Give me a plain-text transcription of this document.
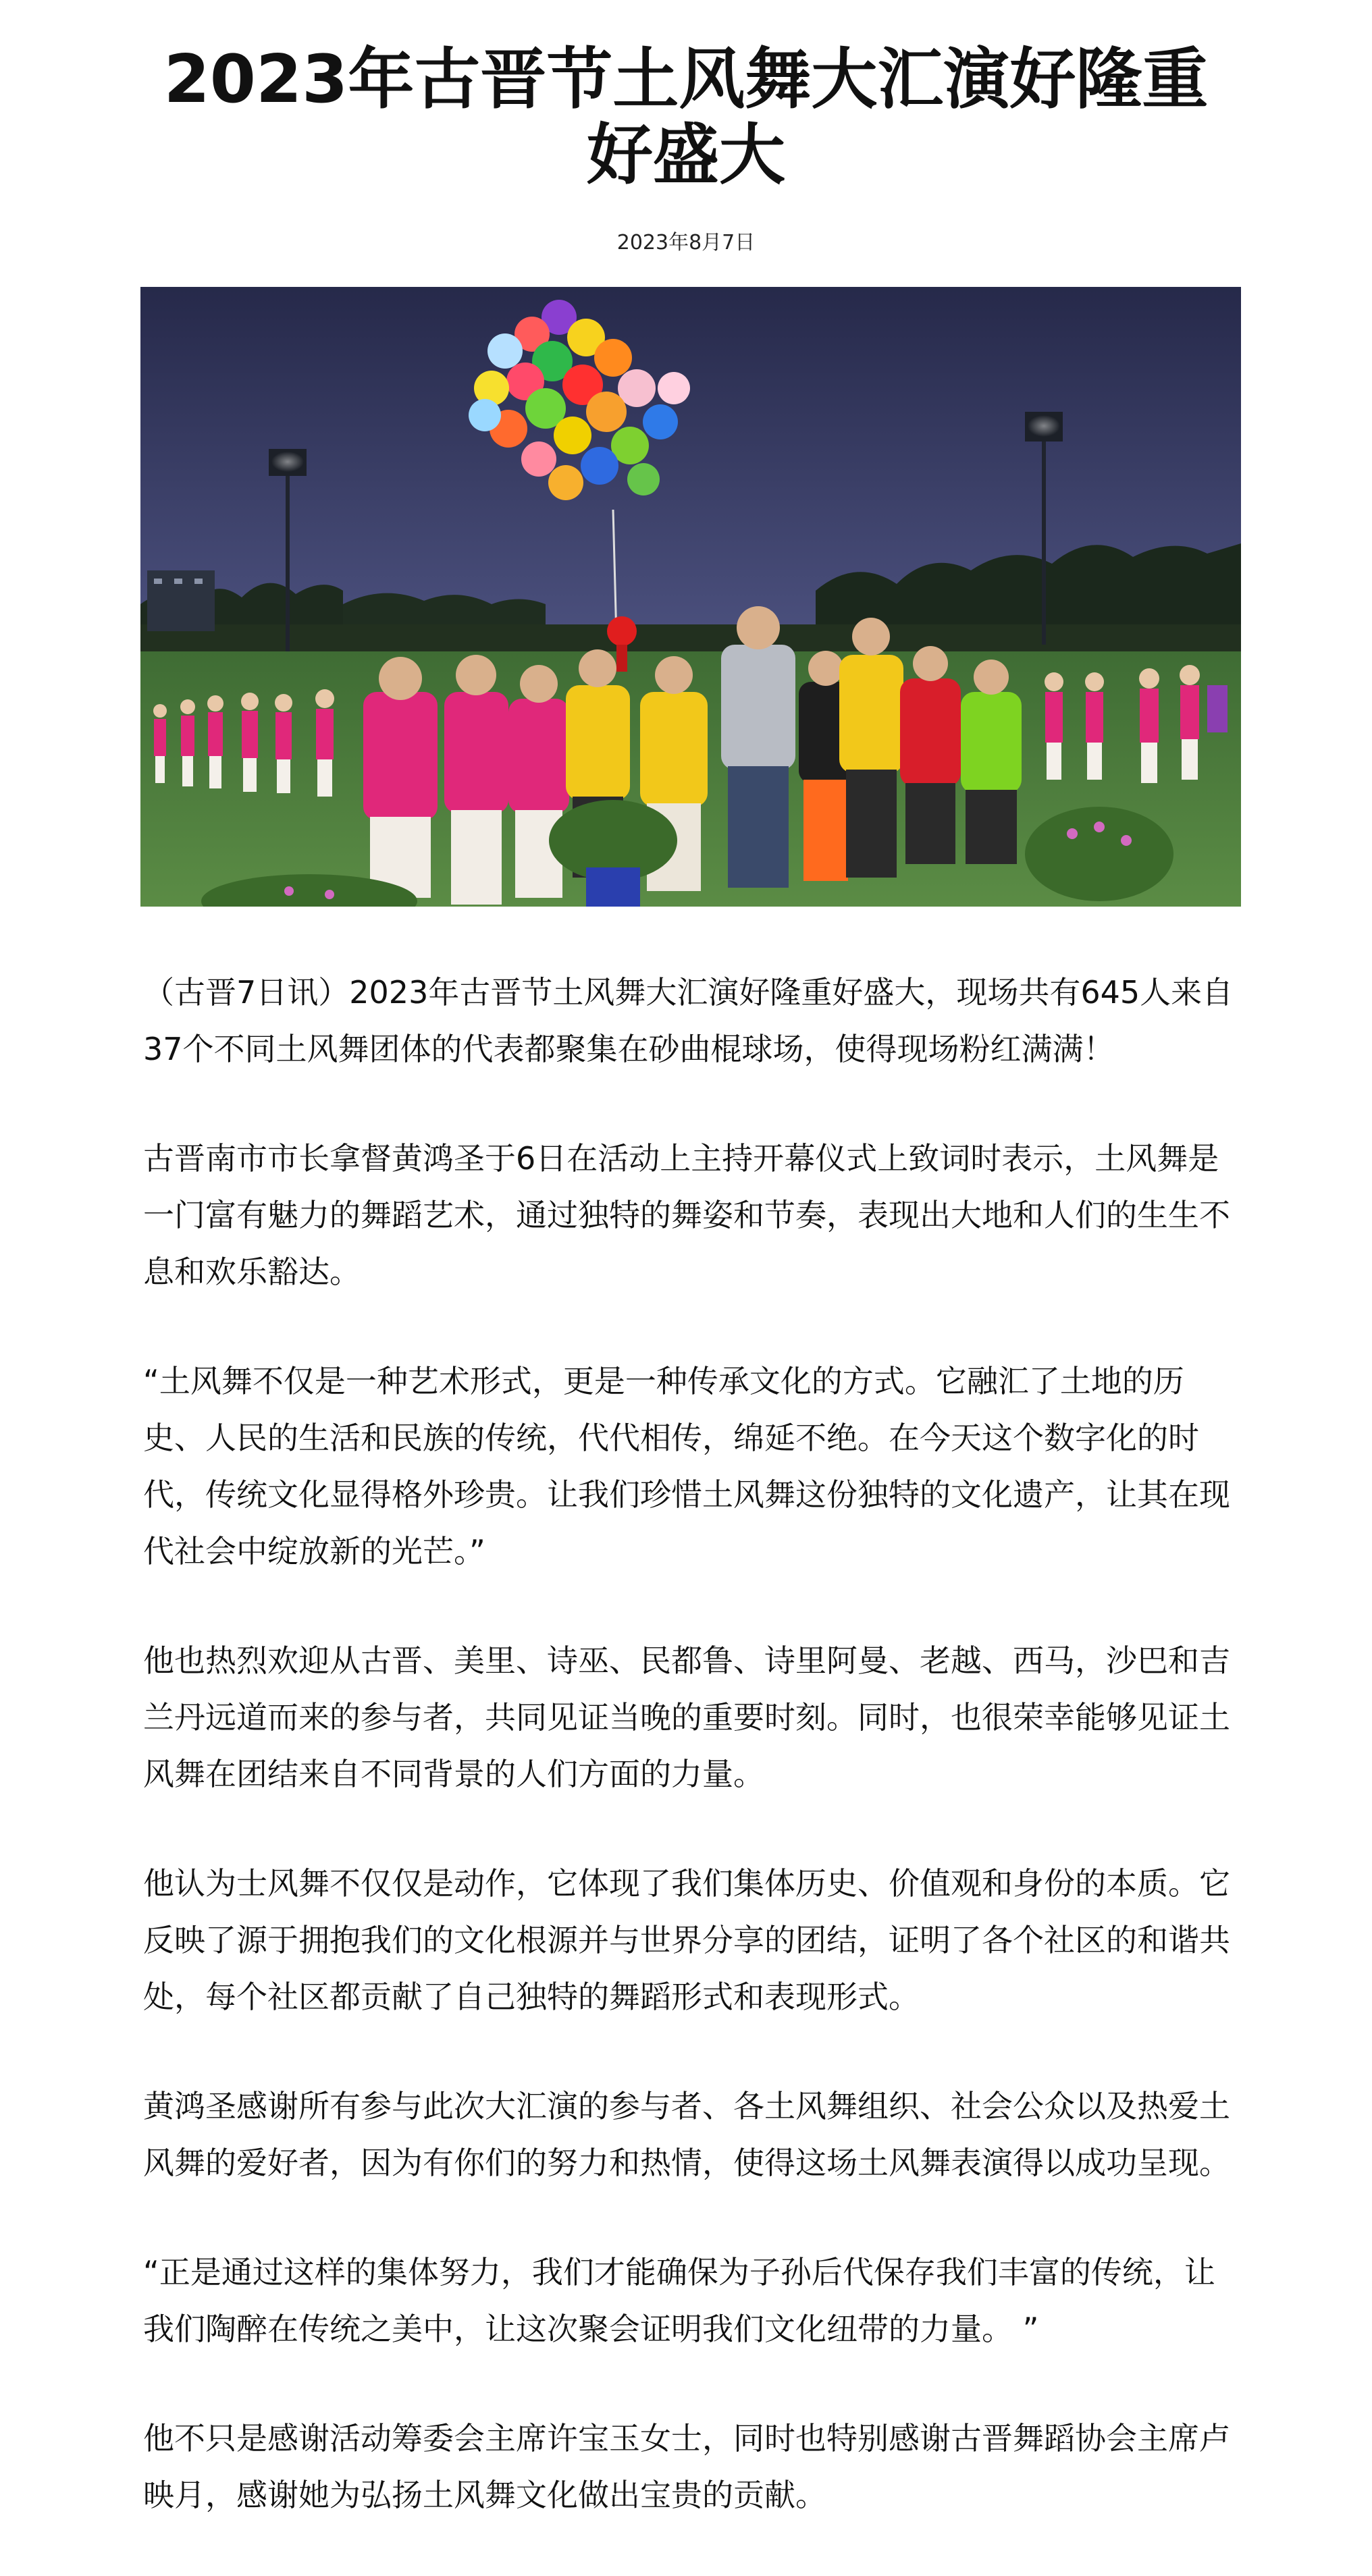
2023年古晋节土风舞大汇演好隆重好盛大
2023年8月7日

（古晋7日讯）2023年古晋节土风舞大汇演好隆重好盛大，现场共有645人来自37个不同土风舞团体的代表都聚集在砂曲棍球场，使得现场粉红满满！

古晋南市市长拿督黄鸿圣于6日在活动上主持开幕仪式上致词时表示，土风舞是一门富有魅力的舞蹈艺术，通过独特的舞姿和节奏，表现出大地和人们的生生不息和欢乐豁达。

“土风舞不仅是一种艺术形式，更是一种传承文化的方式。它融汇了土地的历史、人民的生活和民族的传统，代代相传，绵延不绝。在今天这个数字化的时代，传统文化显得格外珍贵。让我们珍惜土风舞这份独特的文化遗产，让其在现代社会中绽放新的光芒。”

他也热烈欢迎从古晋、美里、诗巫、民都鲁、诗里阿曼、老越、西马，沙巴和吉兰丹远道而来的参与者，共同见证当晚的重要时刻。同时，也很荣幸能够见证土风舞在团结来自不同背景的人们方面的力量。

他认为士风舞不仅仅是动作，它体现了我们集体历史、价值观和身份的本质。它反映了源于拥抱我们的文化根源并与世界分享的团结，证明了各个社区的和谐共处，每个社区都贡献了自己独特的舞蹈形式和表现形式。

黄鸿圣感谢所有参与此次大汇演的参与者、各土风舞组织、社会公众以及热爱土风舞的爱好者，因为有你们的努力和热情，使得这场土风舞表演得以成功呈现。

“正是通过这样的集体努力，我们才能确保为子孙后代保存我们丰富的传统，让我们陶醉在传统之美中，让这次聚会证明我们文化纽带的力量。 ”

他不只是感谢活动筹委会主席许宝玉女士，同时也特别感谢古晋舞蹈协会主席卢映月，感谢她为弘扬土风舞文化做出宝贵的贡献。
